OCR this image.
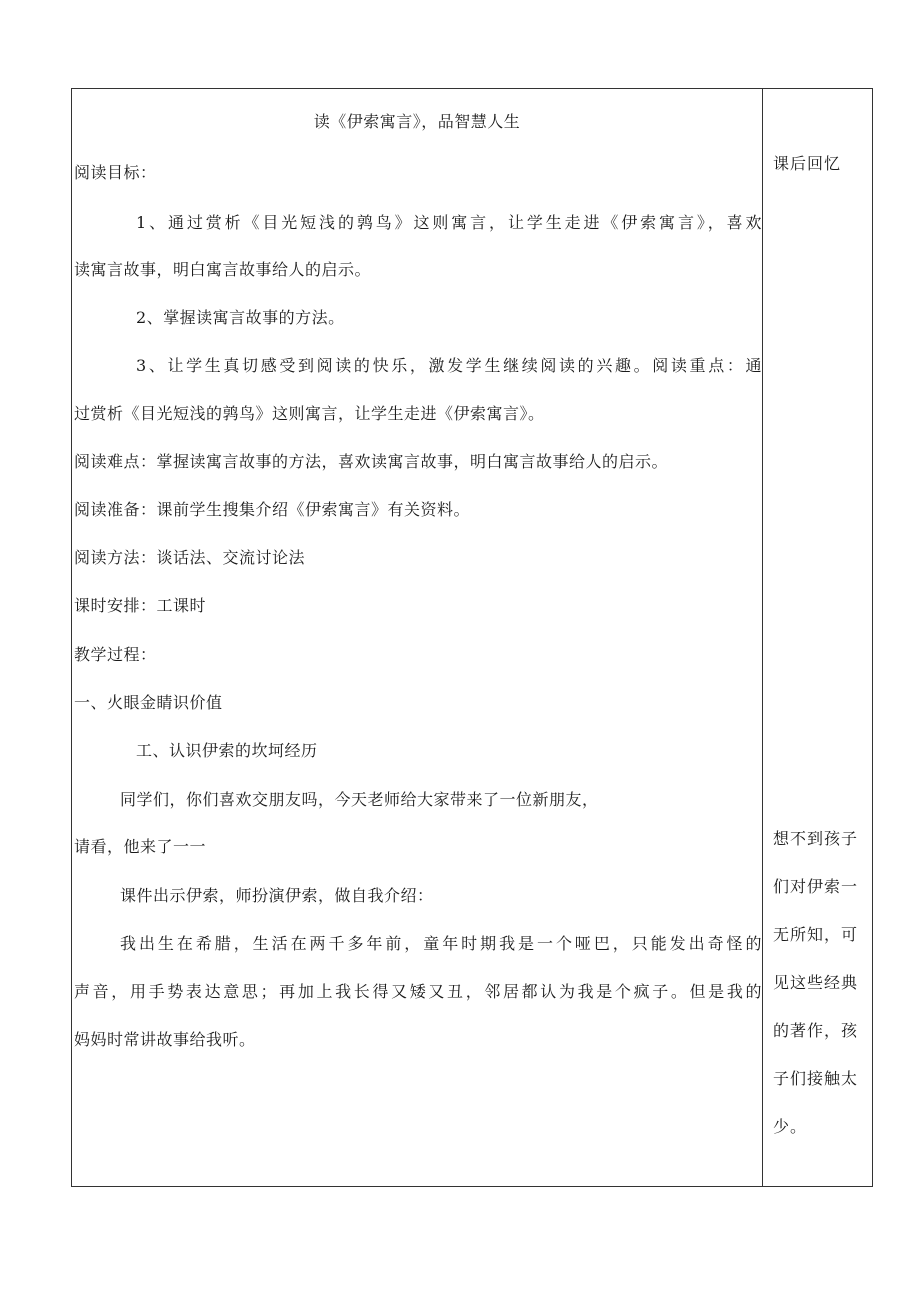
读《伊索寓言》，品智慧人生
阅读目标：
1、通过赏析《目光短浅的鹑鸟》这则寓言，让学生走进《伊索寓言》，喜欢
读寓言故事，明白寓言故事给人的启示。
2、掌握读寓言故事的方法。
3、让学生真切感受到阅读的快乐，激发学生继续阅读的兴趣。阅读重点：通
过赏析《目光短浅的鹑鸟》这则寓言，让学生走进《伊索寓言》。
阅读难点：掌握读寓言故事的方法，喜欢读寓言故事，明白寓言故事给人的启示。
阅读准备：课前学生搜集介绍《伊索寓言》有关资料。
阅读方法：谈话法、交流讨论法
课时安排：工课时
教学过程：
一、火眼金睛识价值
工、认识伊索的坎坷经历
同学们，你们喜欢交朋友吗，今天老师给大家带来了一位新朋友，
请看，他来了一一
课件出示伊索，师扮演伊索，做自我介绍：
我出生在希腊，生活在两千多年前，童年时期我是一个哑巴，只能发出奇怪的
声音，用手势表达意思；再加上我长得又矮又丑，邻居都认为我是个疯子。但是我的
妈妈时常讲故事给我听。
课后回忆
想不到孩子
们对伊索一
无所知，可
见这些经典
的著作，孩
子们接触太
少。
